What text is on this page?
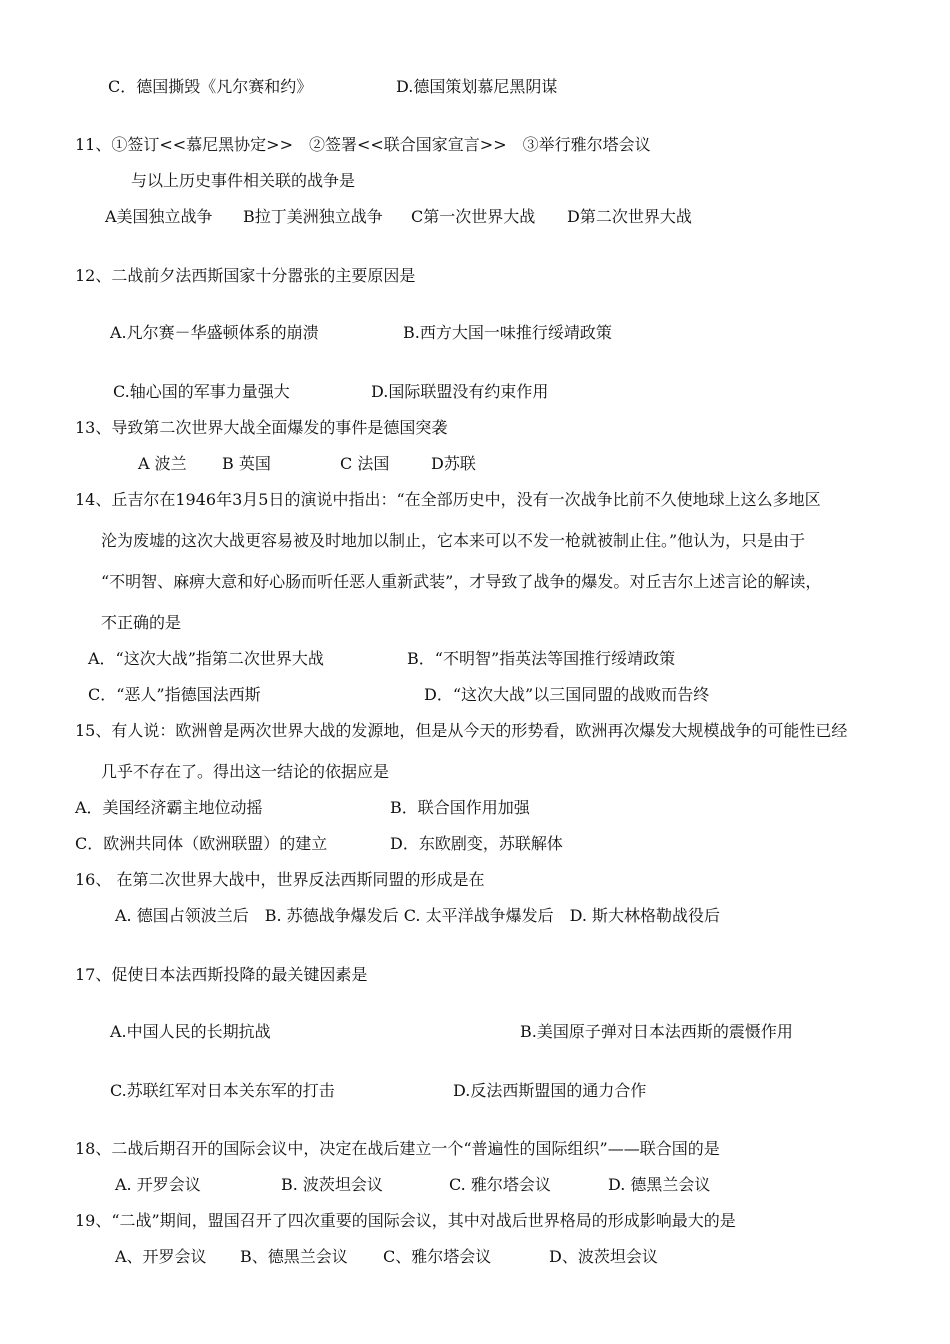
C．德国撕毁《凡尔赛和约》	D.德国策划慕尼黑阴谋
11、①签订<<慕尼黑协定>>　②签署<<联合国家宣言>>　③举行雅尔塔会议
与以上历史事件相关联的战争是
A美国独立战争 B拉丁美洲独立战争 C第一次世界大战 D第二次世界大战
12、二战前夕法西斯国家十分嚣张的主要原因是
A.凡尔赛－华盛顿体系的崩溃	B.西方大国一味推行绥靖政策
C.轴心国的军事力量强大	D.国际联盟没有约束作用
13、导致第二次世界大战全面爆发的事件是德国突袭
A 波兰 B 英国	C 法国	D苏联
14、丘吉尔在1946年3月5日的演说中指出：“在全部历史中，没有一次战争比前不久使地球上这么多地区
沦为废墟的这次大战更容易被及时地加以制止，它本来可以不发一枪就被制止住。”他认为，只是由于
“不明智、麻痹大意和好心肠而听任恶人重新武装”，才导致了战争的爆发。对丘吉尔上述言论的解读，
不正确的是
A．“这次大战”指第二次世界大战	B．“不明智”指英法等国推行绥靖政策
C．“恶人”指德国法西斯	D．“这次大战”以三国同盟的战败而告终
15、有人说：欧洲曾是两次世界大战的发源地，但是从今天的形势看，欧洲再次爆发大规模战争的可能性已经
几乎不存在了。得出这一结论的依据应是
A．美国经济霸主地位动摇	B．联合国作用加强
C．欧洲共同体（欧洲联盟）的建立	D．东欧剧变，苏联解体
16、 在第二次世界大战中，世界反法西斯同盟的形成是在
A. 德国占领波兰后　B. 苏德战争爆发后 C. 太平洋战争爆发后　D. 斯大林格勒战役后
17、促使日本法西斯投降的最关键因素是
A.中国人民的长期抗战	B.美国原子弹对日本法西斯的震慑作用
C.苏联红军对日本关东军的打击	D.反法西斯盟国的通力合作
18、二战后期召开的国际会议中，决定在战后建立一个“普遍性的国际组织”——联合国的是
A. 开罗会议	B. 波茨坦会议	C. 雅尔塔会议	D. 德黑兰会议
19、“二战”期间，盟国召开了四次重要的国际会议，其中对战后世界格局的形成影响最大的是
A、开罗会议 B、德黑兰会议 C、雅尔塔会议	D、波茨坦会议
